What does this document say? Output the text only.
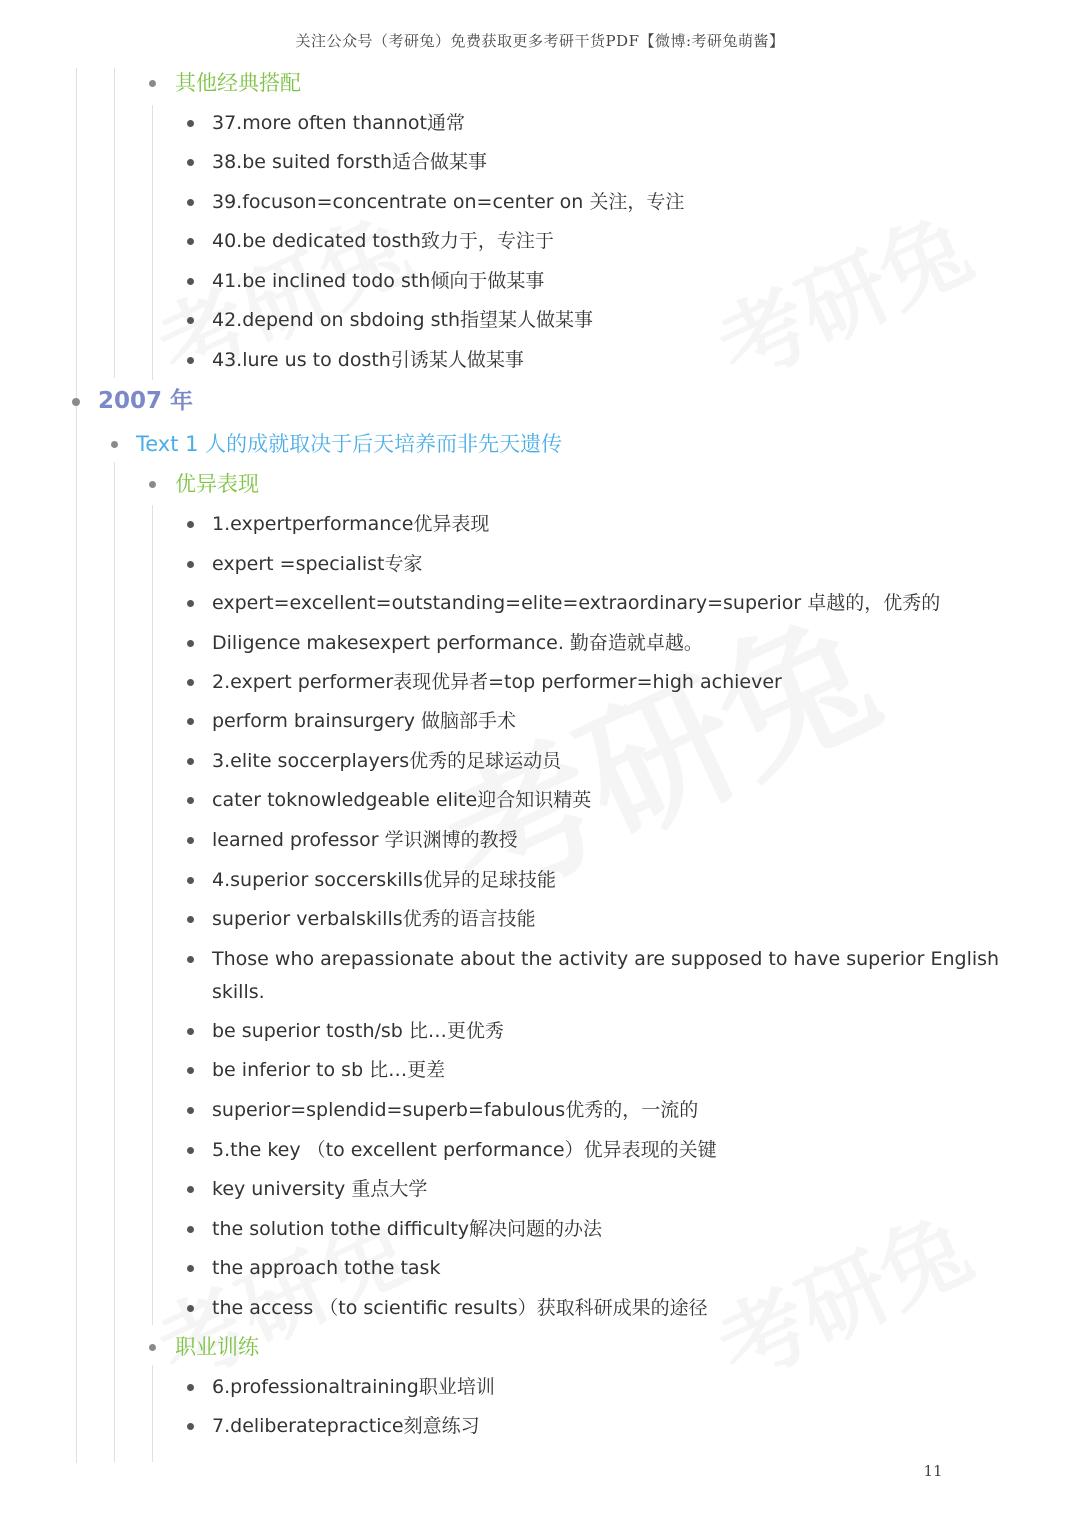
关注公众号（考研兔）免费获取更多考研干货PDF【微博:考研兔萌酱】
其他经典搭配
37.more often thannot通常
38.be suited forsth适合做某事
39.focuson=concentrate on=center on 关注，专注
40.be dedicated tosth致力于，专注于
41.be inclined todo sth倾向于做某事
42.depend on sbdoing sth指望某人做某事
43.lure us to dosth引诱某人做某事
2007 年
Text 1 人的成就取决于后天培养而非先天遗传
优异表现
1.expertperformance优异表现
expert =specialist专家
expert=excellent=outstanding=elite=extraordinary=superior 卓越的，优秀的
Diligence makesexpert performance. 勤奋造就卓越。
2.expert performer表现优异者=top performer=high achiever
perform brainsurgery 做脑部手术
3.elite soccerplayers优秀的足球运动员
cater toknowledgeable elite迎合知识精英
learned professor 学识渊博的教授
4.superior soccerskills优异的足球技能
superior verbalskills优秀的语言技能
Those who arepassionate about the activity are supposed to have superior English
skills.
be superior tosth/sb 比…更优秀
be inferior to sb 比…更差
superior=splendid=superb=fabulous优秀的，一流的
5.the key （to excellent performance）优异表现的关键
key university 重点大学
the solution tothe difficulty解决问题的办法
the approach tothe task
the access （to scientific results）获取科研成果的途径
职业训练
6.professionaltraining职业培训
7.deliberatepractice刻意练习
11
